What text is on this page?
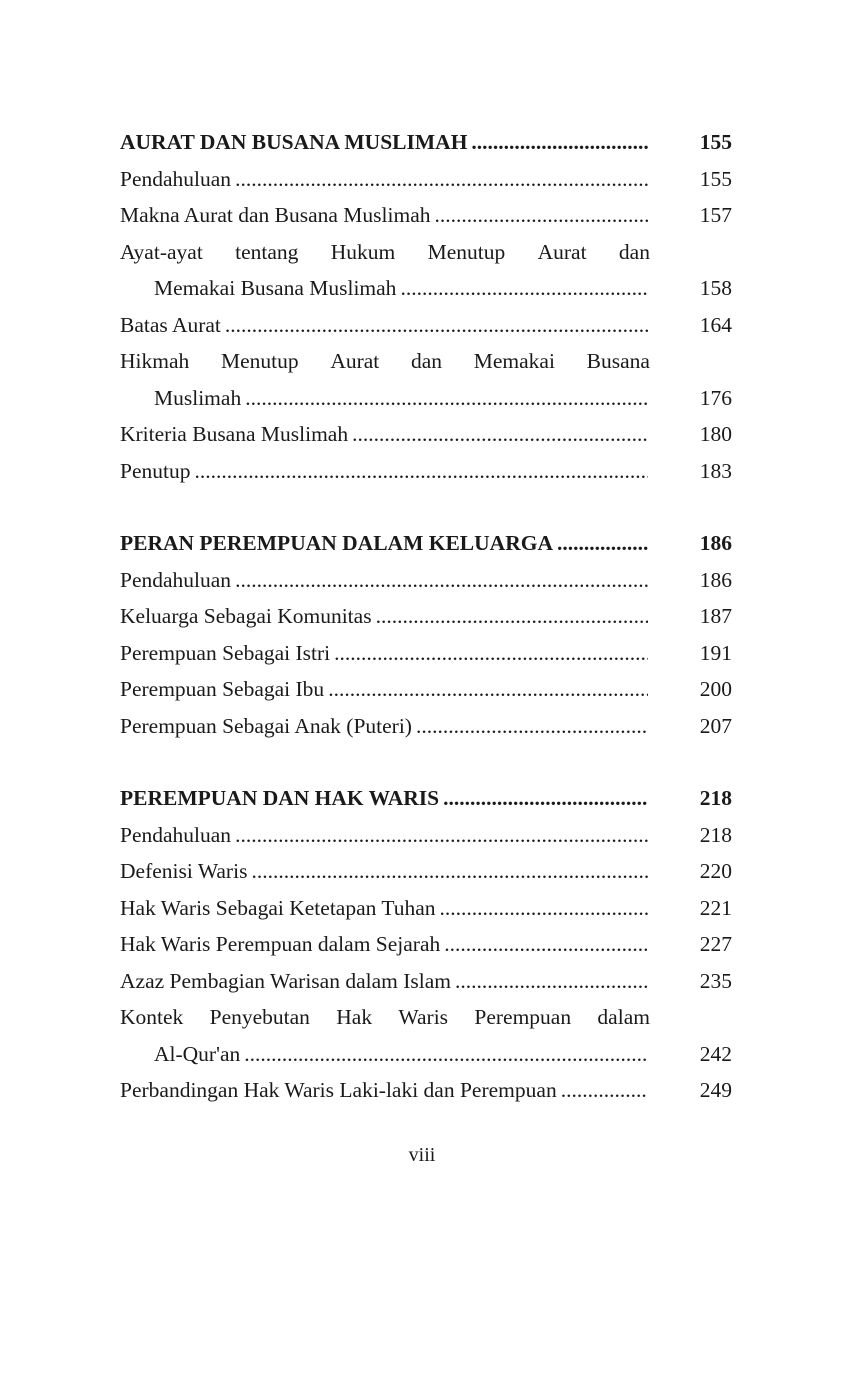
AURAT DAN BUSANA MUSLIMAH .....	155
Pendahuluan .....	155
Makna Aurat dan Busana Muslimah .....	157
Ayat-ayat tentang Hukum Menutup Aurat dan
Memakai Busana Muslimah .....	158
Batas Aurat .....	164
Hikmah Menutup Aurat dan Memakai Busana
Muslimah .....	176
Kriteria Busana Muslimah .....	180
Penutup .....	183
PERAN PEREMPUAN DALAM KELUARGA .....	186
Pendahuluan .....	186
Keluarga Sebagai Komunitas .....	187
Perempuan Sebagai Istri .....	191
Perempuan Sebagai Ibu .....	200
Perempuan Sebagai Anak (Puteri) .....	207
PEREMPUAN DAN HAK WARIS .....	218
Pendahuluan .....	218
Defenisi Waris .....	220
Hak Waris Sebagai Ketetapan Tuhan .....	221
Hak Waris Perempuan dalam Sejarah .....	227
Azaz Pembagian Warisan dalam Islam .....	235
Kontek Penyebutan Hak Waris Perempuan dalam
Al-Qur'an .....	242
Perbandingan Hak Waris Laki-laki dan Perempuan .....	249
viii
